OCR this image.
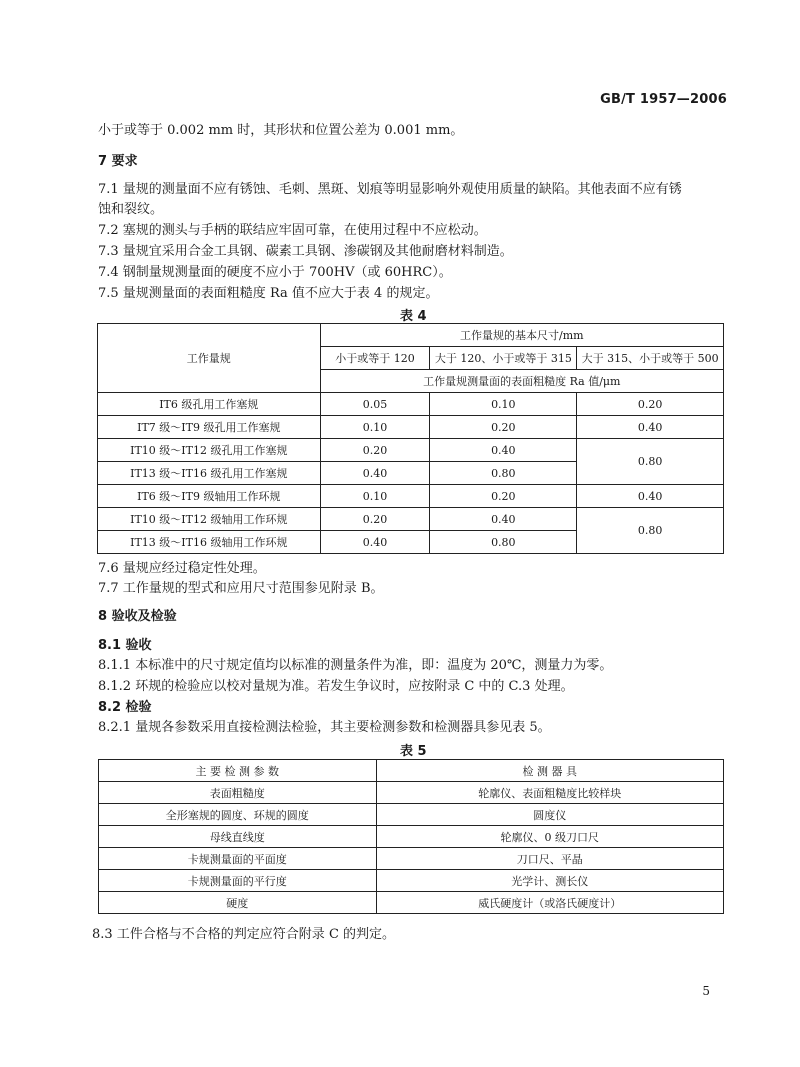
GB/T 1957—2006
小于或等于 0.002 mm 时，其形状和位置公差为 0.001 mm。
7 要求
7.1 量规的测量面不应有锈蚀、毛刺、黑斑、划痕等明显影响外观使用质量的缺陷。其他表面不应有锈
蚀和裂纹。
7.2 塞规的测头与手柄的联结应牢固可靠，在使用过程中不应松动。
7.3 量规宜采用合金工具钢、碳素工具钢、渗碳钢及其他耐磨材料制造。
7.4 钢制量规测量面的硬度不应小于 700HV（或 60HRC）。
7.5 量规测量面的表面粗糙度 Ra 值不应大于表 4 的规定。
表 4
工作量规	工作量规的基本尺寸/mm		
	小于或等于 120	大于 120、小于或等于 315	大于 315、小于或等于 500
	工作量规测量面的表面粗糙度 Ra 值/μm		
IT6 级孔用工作塞规	0.05	0.10	0.20
IT7 级～IT9 级孔用工作塞规	0.10	0.20	0.40
IT10 级～IT12 级孔用工作塞规	0.20	0.40	0.80
IT13 级～IT16 级孔用工作塞规	0.40	0.80	
IT6 级～IT9 级轴用工作环规	0.10	0.20	0.40
IT10 级～IT12 级轴用工作环规	0.20	0.40	0.80
IT13 级～IT16 级轴用工作环规	0.40	0.80	
7.6 量规应经过稳定性处理。
7.7 工作量规的型式和应用尺寸范围参见附录 B。
8 验收及检验
8.1 验收
8.1.1 本标准中的尺寸规定值均以标准的测量条件为准，即：温度为 20℃，测量力为零。
8.1.2 环规的检验应以校对量规为准。若发生争议时，应按附录 C 中的 C.3 处理。
8.2 检验
8.2.1 量规各参数采用直接检测法检验，其主要检测参数和检测器具参见表 5。
表 5
主 要 检 测 参 数	检 测 器 具
表面粗糙度	轮廓仪、表面粗糙度比较样块
全形塞规的圆度、环规的圆度	圆度仪
母线直线度	轮廓仪、0 级刀口尺
卡规测量面的平面度	刀口尺、平晶
卡规测量面的平行度	光学计、测长仪
硬度	威氏硬度计（或洛氏硬度计）
8.3 工件合格与不合格的判定应符合附录 C 的判定。
5
